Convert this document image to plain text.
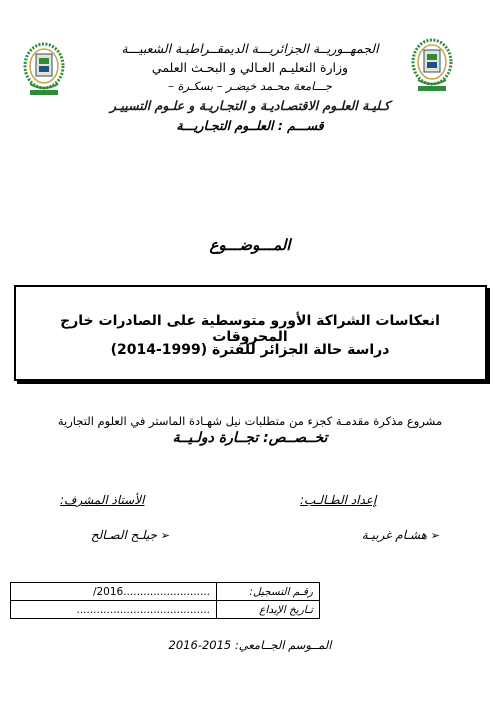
الجمهــوريــة الجزائريـــة الديمقــراطيـة الشعبيـــة
وزارة التعليـم العـالي و البحـث العلمي
جـــامعة محـمد خيضـر – بسكـرة –
كـليـة العلـوم الاقتصـاديـة و التجـاريـة و علـوم التسييـر
قســـم : العلــوم التجـاريـــة
المـــوضـــوع
انعكاسات الشراكة الأورو متوسطية على الصادرات خارج المحروقات
دراسة حالة الجزائر للفترة (1999-2014)
مشروع مذكرة مقدمـة كجزء من متطلبات نيل شهـادة الماستر في العلوم التجارية
تخــصــص: تجــارة دولـيــة
إعداد الطـالـب:
الأستاذ المشرف:
➢ هشـام غربيـة
➢ جيلـح الصـالح
/2016..........................	رقـم التسجيل:
........................................	تـاريخ الإيداع
المــوسم الجــامعي: 2015-2016
